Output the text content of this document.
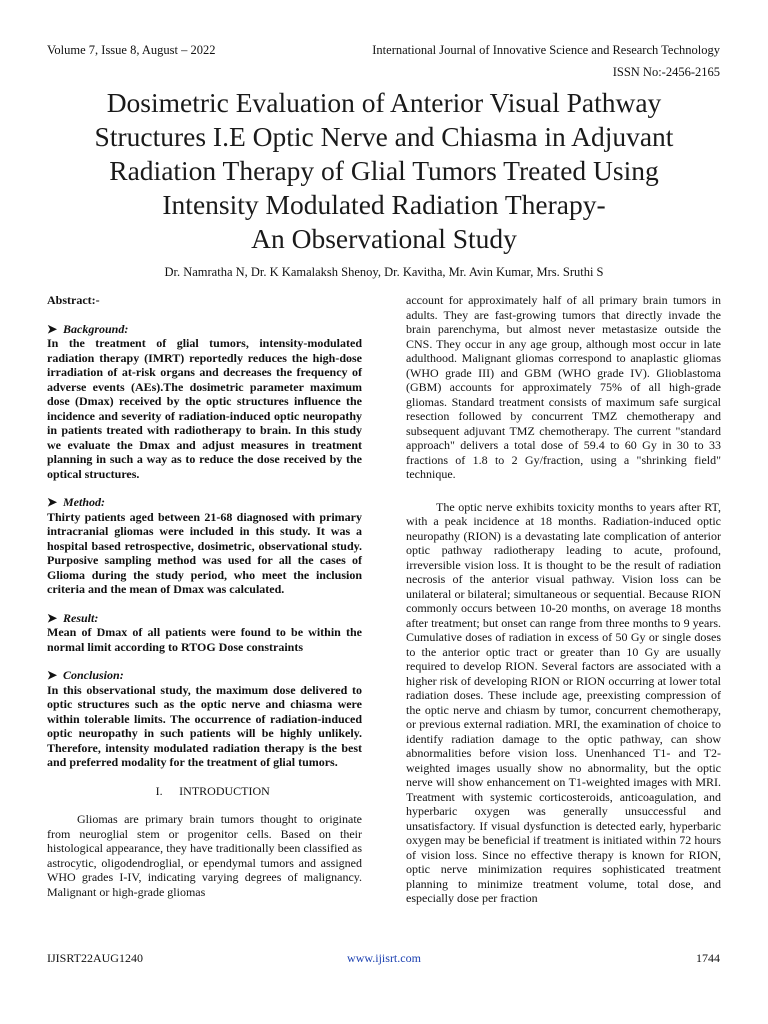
Volume 7, Issue 8, August – 2022	International Journal of Innovative Science and Research Technology
ISSN No:-2456-2165
Dosimetric Evaluation of Anterior Visual Pathway
Structures I.E Optic Nerve and Chiasma in Adjuvant
Radiation Therapy of Glial Tumors Treated Using
Intensity Modulated Radiation Therapy-
An Observational Study
Dr. Namratha N, Dr. K Kamalaksh Shenoy, Dr. Kavitha, Mr. Avin Kumar, Mrs. Sruthi S
Abstract:-
➤ Background:
In the treatment of glial tumors, intensity-modulated radiation therapy (IMRT) reportedly reduces the high-dose irradiation of at-risk organs and decreases the frequency of adverse events (AEs).The dosimetric parameter maximum dose (Dmax) received by the optic structures influence the incidence and severity of radiation-induced optic neuropathy in patients treated with radiotherapy to brain. In this study we evaluate the Dmax and adjust measures in treatment planning in such a way as to reduce the dose received by the optical structures.
➤ Method:
Thirty patients aged between 21-68 diagnosed with primary intracranial gliomas were included in this study. It was a hospital based retrospective, dosimetric, observational study. Purposive sampling method was used for all the cases of Glioma during the study period, who meet the inclusion criteria and the mean of Dmax was calculated.
➤ Result:
Mean of Dmax of all patients were found to be within the normal limit according to RTOG Dose constraints
➤ Conclusion:
In this observational study, the maximum dose delivered to optic structures such as the optic nerve and chiasma were within tolerable limits. The occurrence of radiation-induced optic neuropathy in such patients will be highly unlikely. Therefore, intensity modulated radiation therapy is the best and preferred modality for the treatment of glial tumors.
I. INTRODUCTION

Gliomas are primary brain tumors thought to originate from neuroglial stem or progenitor cells. Based on their histological appearance, they have traditionally been classified as astrocytic, oligodendroglial, or ependymal tumors and assigned WHO grades I-IV, indicating varying degrees of malignancy. Malignant or high-grade gliomas

account for approximately half of all primary brain tumors in adults. They are fast-growing tumors that directly invade the brain parenchyma, but almost never metastasize outside the CNS. They occur in any age group, although most occur in late adulthood. Malignant gliomas correspond to anaplastic gliomas (WHO grade III) and GBM (WHO grade IV). Glioblastoma (GBM) accounts for approximately 75% of all high-grade gliomas. Standard treatment consists of maximum safe surgical resection followed by concurrent TMZ chemotherapy and subsequent adjuvant TMZ chemotherapy. The current "standard approach" delivers a total dose of 59.4 to 60 Gy in 30 to 33 fractions of 1.8 to 2 Gy/fraction, using a "shrinking field" technique.

The optic nerve exhibits toxicity months to years after RT, with a peak incidence at 18 months. Radiation-induced optic neuropathy (RION) is a devastating late complication of anterior optic pathway radiotherapy leading to acute, profound, irreversible vision loss. It is thought to be the result of radiation necrosis of the anterior visual pathway. Vision loss can be unilateral or bilateral; simultaneous or sequential. Because RION commonly occurs between 10-20 months, on average 18 months after treatment; but onset can range from three months to 9 years. Cumulative doses of radiation in excess of 50 Gy or single doses to the anterior optic tract or greater than 10 Gy are usually required to develop RION. Several factors are associated with a higher risk of developing RION or RION occurring at lower total radiation doses. These include age, preexisting compression of the optic nerve and chiasm by tumor, concurrent chemotherapy, or previous external radiation. MRI, the examination of choice to identify radiation damage to the optic pathway, can show abnormalities before vision loss. Unenhanced T1- and T2-weighted images usually show no abnormality, but the optic nerve will show enhancement on T1-weighted images with MRI. Treatment with systemic corticosteroids, anticoagulation, and hyperbaric oxygen was generally unsuccessful and unsatisfactory. If visual dysfunction is detected early, hyperbaric oxygen may be beneficial if treatment is initiated within 72 hours of vision loss. Since no effective therapy is known for RION, optic nerve minimization requires sophisticated treatment planning to minimize treatment volume, total dose, and especially dose per fraction

IJISRT22AUG1240	www.ijisrt.com	1744
